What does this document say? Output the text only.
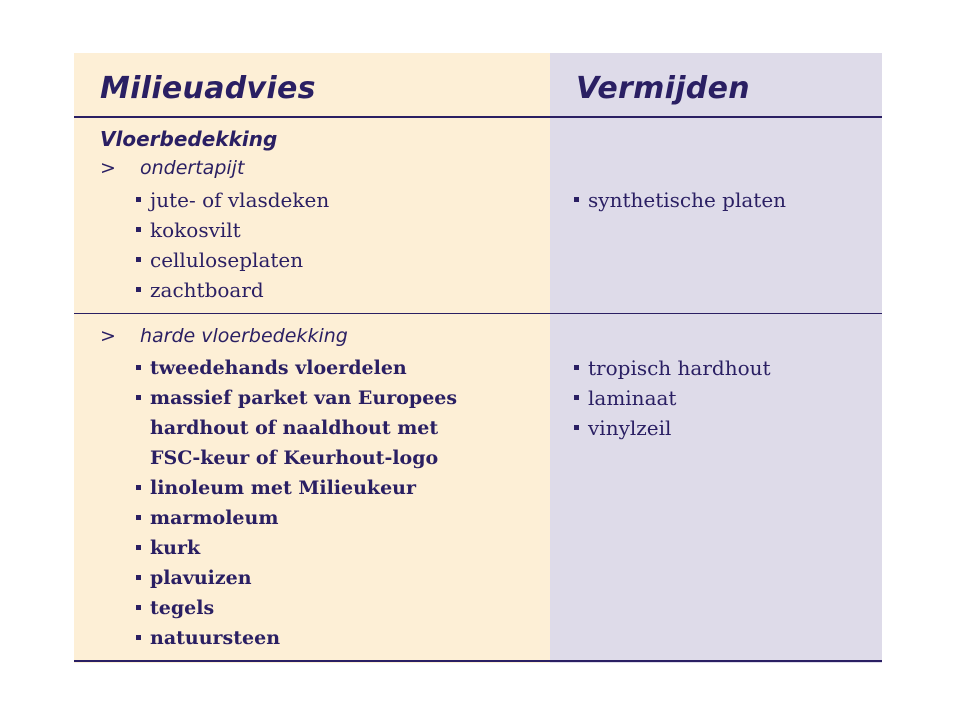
Milieuadvies	Vermijden
Vloerbedekking
> ondertapijt
jute- of vlasdeken
kokosvilt
celluloseplaten
zachtboard
synthetische platen
> harde vloerbedekking
tweedehands vloerdelen
massief parket van Europees
hardhout of naaldhout met
FSC-keur of Keurhout-logo
linoleum met Milieukeur
marmoleum
kurk
plavuizen
tegels
natuursteen
tropisch hardhout
laminaat
vinylzeil
